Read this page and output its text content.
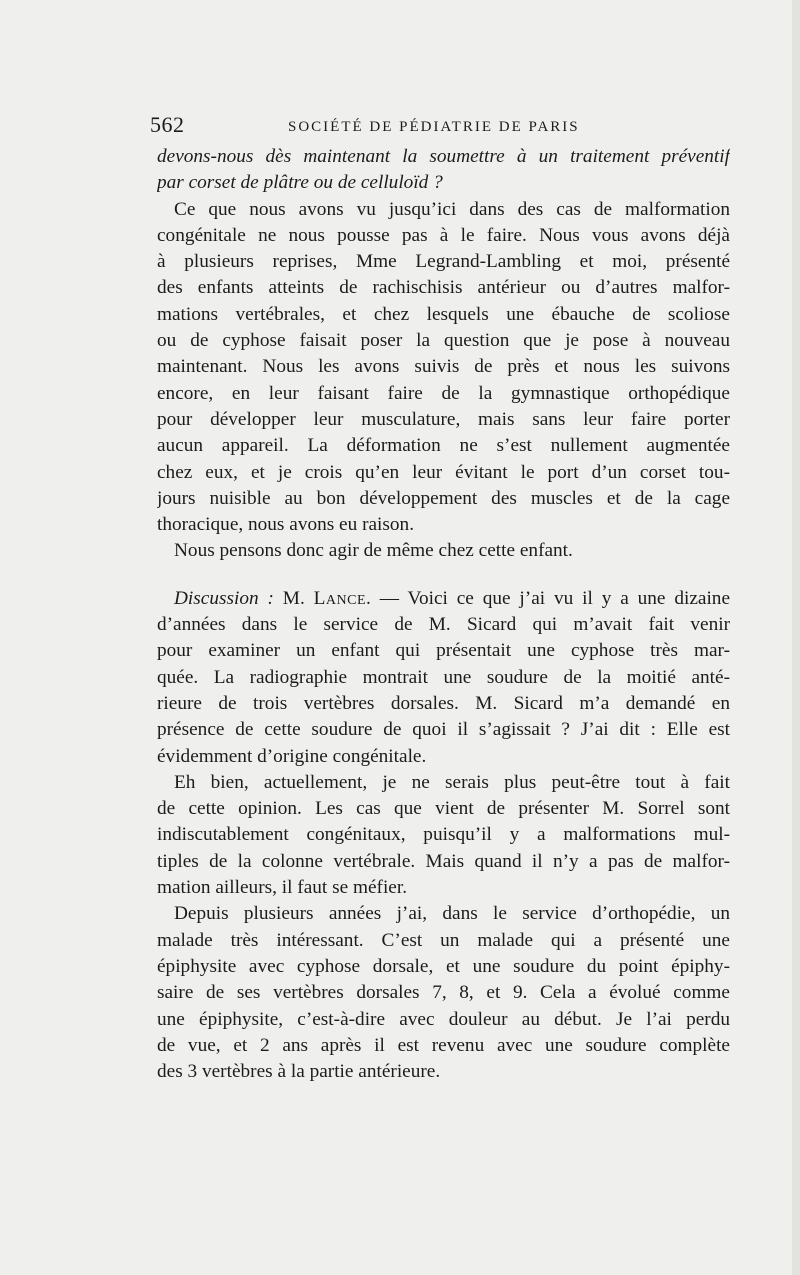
562	SOCIÉTÉ DE PÉDIATRIE DE PARIS
devons-nous dès maintenant la soumettre à un traitement préventif
par corset de plâtre ou de celluloïd ?
Ce que nous avons vu jusqu’ici dans des cas de malformation
congénitale ne nous pousse pas à le faire. Nous vous avons déjà
à plusieurs reprises, Mme Legrand-Lambling et moi, présenté
des enfants atteints de rachischisis antérieur ou d’autres malfor-
mations vertébrales, et chez lesquels une ébauche de scoliose
ou de cyphose faisait poser la question que je pose à nouveau
maintenant. Nous les avons suivis de près et nous les suivons
encore, en leur faisant faire de la gymnastique orthopédique
pour développer leur musculature, mais sans leur faire porter
aucun appareil. La déformation ne s’est nullement augmentée
chez eux, et je crois qu’en leur évitant le port d’un corset tou-
jours nuisible au bon développement des muscles et de la cage
thoracique, nous avons eu raison.
Nous pensons donc agir de même chez cette enfant.
Discussion : M. Lance. — Voici ce que j’ai vu il y a une dizaine
d’années dans le service de M. Sicard qui m’avait fait venir
pour examiner un enfant qui présentait une cyphose très mar-
quée. La radiographie montrait une soudure de la moitié anté-
rieure de trois vertèbres dorsales. M. Sicard m’a demandé en
présence de cette soudure de quoi il s’agissait ? J’ai dit : Elle est
évidemment d’origine congénitale.
Eh bien, actuellement, je ne serais plus peut-être tout à fait
de cette opinion. Les cas que vient de présenter M. Sorrel sont
indiscutablement congénitaux, puisqu’il y a malformations mul-
tiples de la colonne vertébrale. Mais quand il n’y a pas de malfor-
mation ailleurs, il faut se méfier.
Depuis plusieurs années j’ai, dans le service d’orthopédie, un
malade très intéressant. C’est un malade qui a présenté une
épiphysite avec cyphose dorsale, et une soudure du point épiphy-
saire de ses vertèbres dorsales 7, 8, et 9. Cela a évolué comme
une épiphysite, c’est-à-dire avec douleur au début. Je l’ai perdu
de vue, et 2 ans après il est revenu avec une soudure complète
des 3 vertèbres à la partie antérieure.
